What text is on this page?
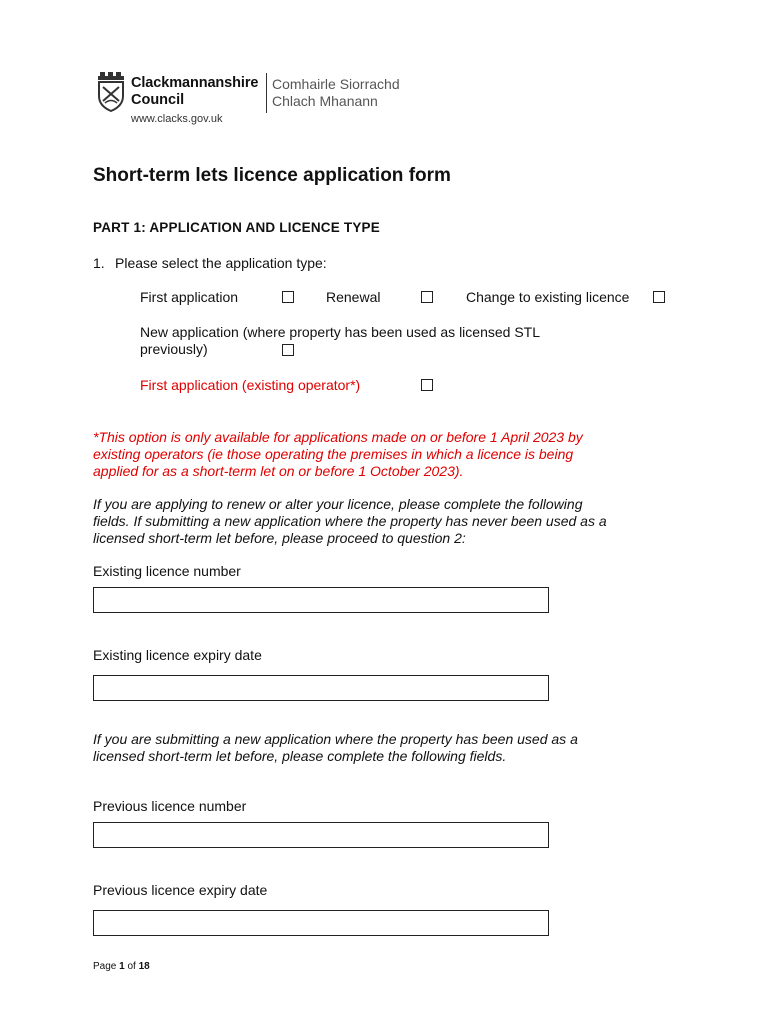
Clackmannanshire
Council
Comhairle Siorrachd
Chlach Mhanann
www.clacks.gov.uk
Short-term lets licence application form
PART 1: APPLICATION AND LICENCE TYPE
1. Please select the application type:
First application	Renewal	Change to existing licence
New application (where property has been used as licensed STL
previously)
First application (existing operator*)

*This option is only available for applications made on or before 1 April 2023 by
existing operators (ie those operating the premises in which a licence is being
applied for as a short-term let on or before 1 October 2023).

If you are applying to renew or alter your licence, please complete the following
fields. If submitting a new application where the property has never been used as a
licensed short-term let before, please proceed to question 2:

Existing licence number
Existing licence expiry date

If you are submitting a new application where the property has been used as a
licensed short-term let before, please complete the following fields.

Previous licence number
Previous licence expiry date
Page 1 of 18
